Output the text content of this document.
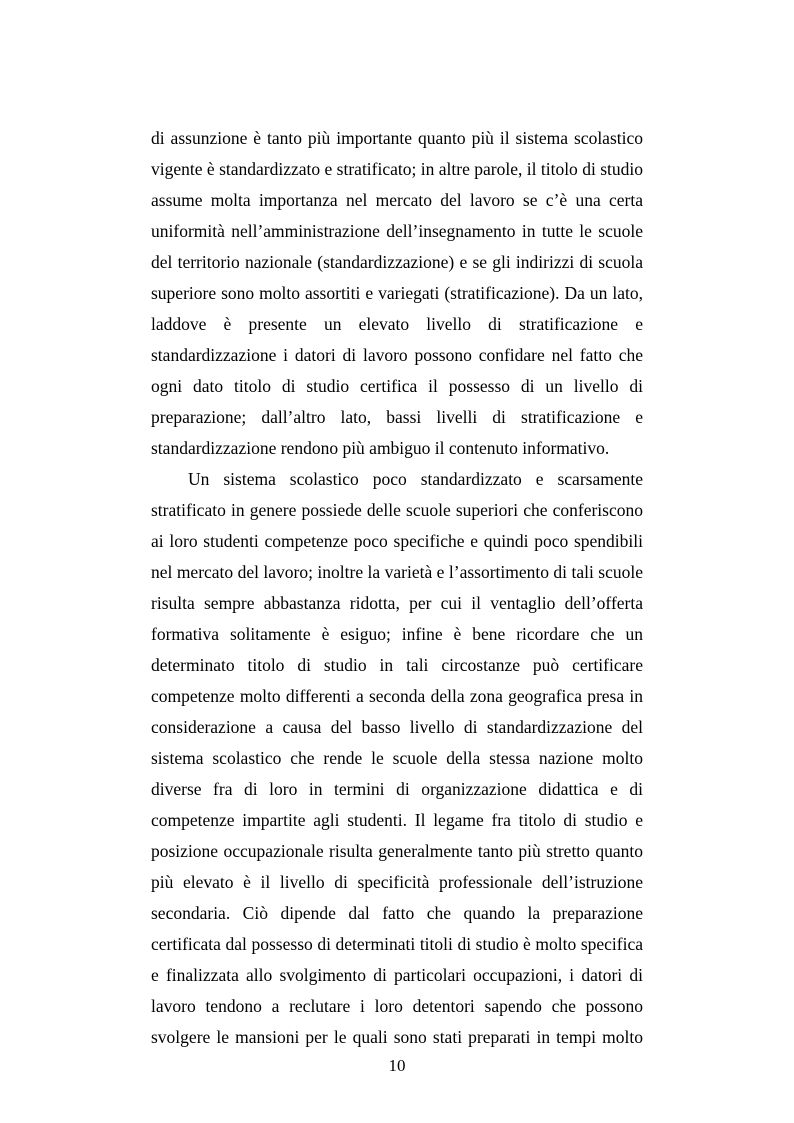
di assunzione è tanto più importante quanto più il sistema scolastico
vigente è standardizzato e stratificato; in altre parole, il titolo di studio
assume molta importanza nel mercato del lavoro se c’è una certa
uniformità nell’amministrazione dell’insegnamento in tutte le scuole
del territorio nazionale (standardizzazione) e se gli indirizzi di scuola
superiore sono molto assortiti e variegati (stratificazione). Da un lato,
laddove è presente un elevato livello di stratificazione e
standardizzazione i datori di lavoro possono confidare nel fatto che
ogni dato titolo di studio certifica il possesso di un livello di
preparazione; dall’altro lato, bassi livelli di stratificazione e
standardizzazione rendono più ambiguo il contenuto informativo.
Un sistema scolastico poco standardizzato e scarsamente
stratificato in genere possiede delle scuole superiori che conferiscono
ai loro studenti competenze poco specifiche e quindi poco spendibili
nel mercato del lavoro; inoltre la varietà e l’assortimento di tali scuole
risulta sempre abbastanza ridotta, per cui il ventaglio dell’offerta
formativa solitamente è esiguo; infine è bene ricordare che un
determinato titolo di studio in tali circostanze può certificare
competenze molto differenti a seconda della zona geografica presa in
considerazione a causa del basso livello di standardizzazione del
sistema scolastico che rende le scuole della stessa nazione molto
diverse fra di loro in termini di organizzazione didattica e di
competenze impartite agli studenti. Il legame fra titolo di studio e
posizione occupazionale risulta generalmente tanto più stretto quanto
più elevato è il livello di specificità professionale dell’istruzione
secondaria. Ciò dipende dal fatto che quando la preparazione
certificata dal possesso di determinati titoli di studio è molto specifica
e finalizzata allo svolgimento di particolari occupazioni, i datori di
lavoro tendono a reclutare i loro detentori sapendo che possono
svolgere le mansioni per le quali sono stati preparati in tempi molto
10
